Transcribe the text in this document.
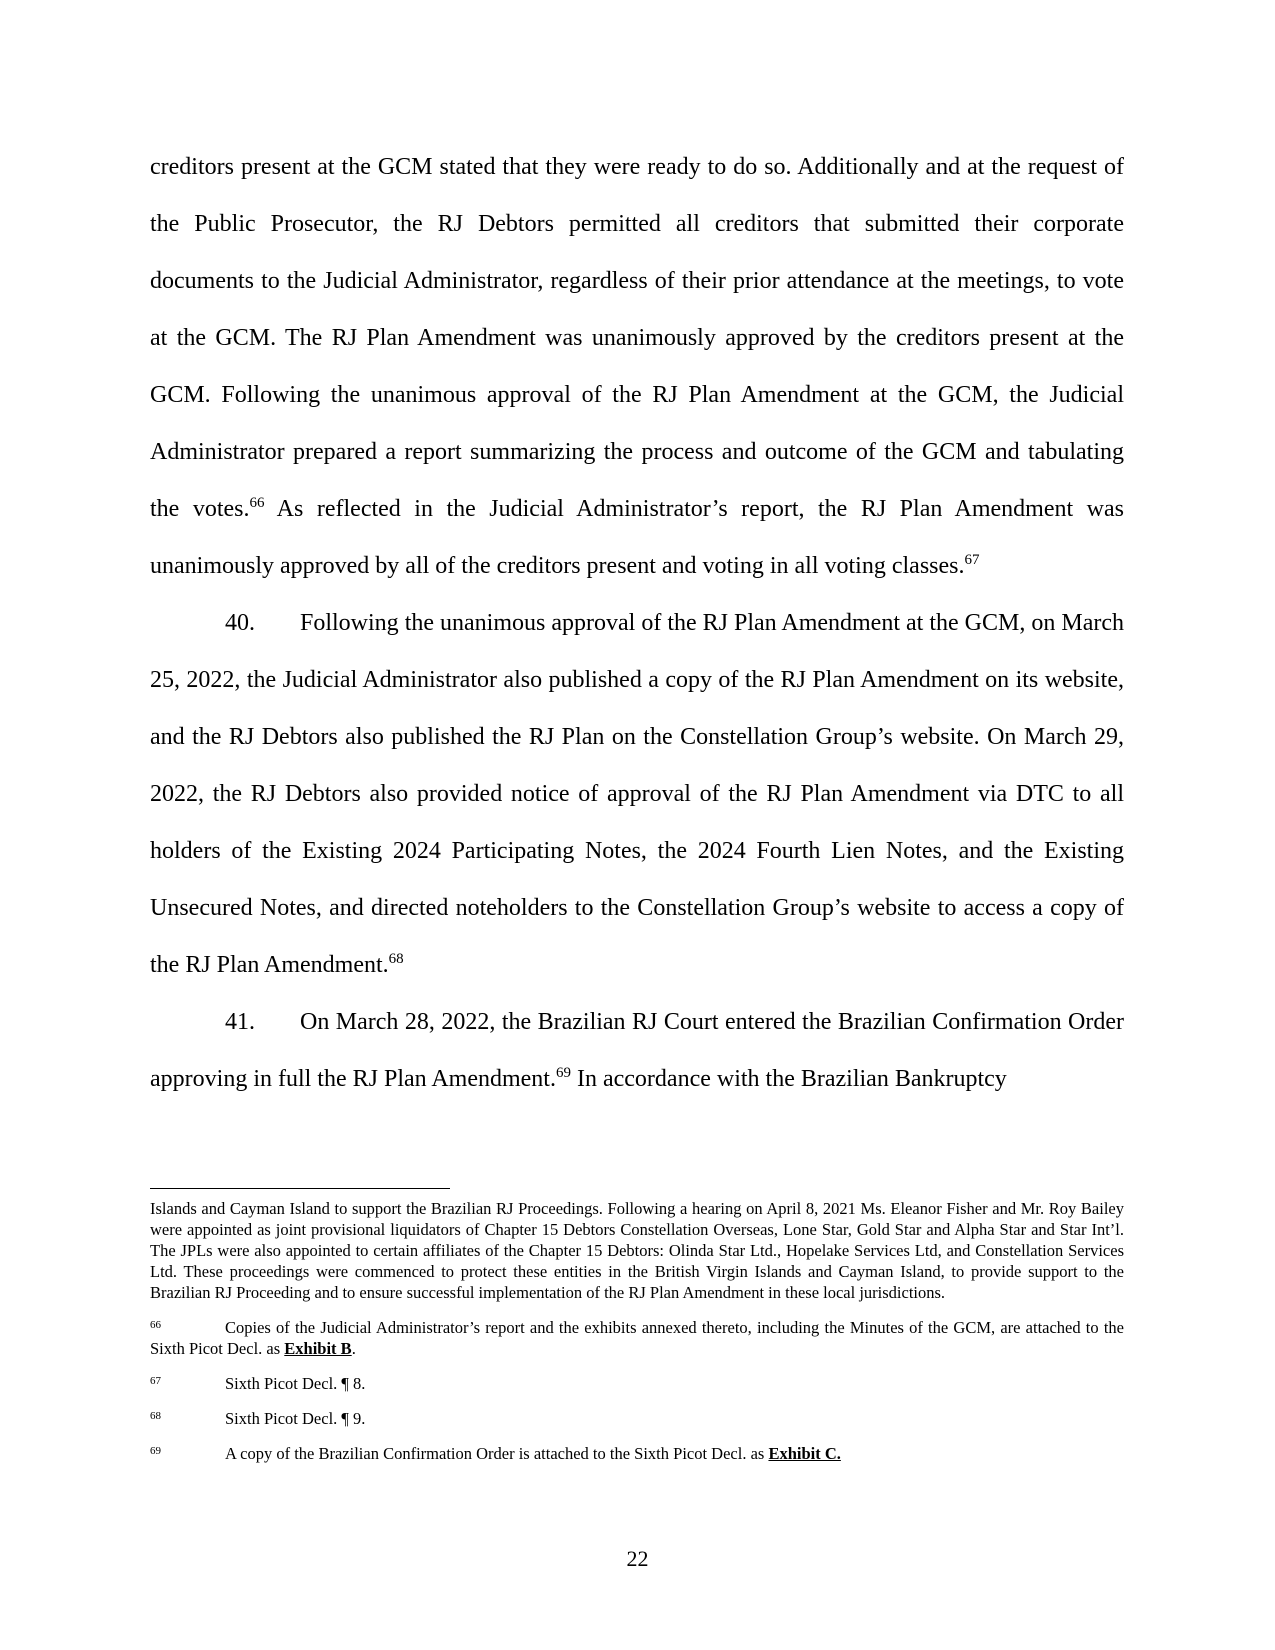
creditors present at the GCM stated that they were ready to do so. Additionally and at the request of the Public Prosecutor, the RJ Debtors permitted all creditors that submitted their corporate documents to the Judicial Administrator, regardless of their prior attendance at the meetings, to vote at the GCM. The RJ Plan Amendment was unanimously approved by the creditors present at the GCM. Following the unanimous approval of the RJ Plan Amendment at the GCM, the Judicial Administrator prepared a report summarizing the process and outcome of the GCM and tabulating the votes.$^{66}$ As reflected in the Judicial Administrator’s report, the RJ Plan Amendment was unanimously approved by all of the creditors present and voting in all voting classes.$^{67}$

40. Following the unanimous approval of the RJ Plan Amendment at the GCM, on March 25, 2022, the Judicial Administrator also published a copy of the RJ Plan Amendment on its website, and the RJ Debtors also published the RJ Plan on the Constellation Group’s website. On March 29, 2022, the RJ Debtors also provided notice of approval of the RJ Plan Amendment via DTC to all holders of the Existing 2024 Participating Notes, the 2024 Fourth Lien Notes, and the Existing Unsecured Notes, and directed noteholders to the Constellation Group’s website to access a copy of the RJ Plan Amendment.$^{68}$

41. On March 28, 2022, the Brazilian RJ Court entered the Brazilian Confirmation Order approving in full the RJ Plan Amendment.$^{69}$ In accordance with the Brazilian Bankruptcy

Islands and Cayman Island to support the Brazilian RJ Proceedings. Following a hearing on April 8, 2021 Ms. Eleanor Fisher and Mr. Roy Bailey were appointed as joint provisional liquidators of Chapter 15 Debtors Constellation Overseas, Lone Star, Gold Star and Alpha Star and Star Int’l. The JPLs were also appointed to certain affiliates of the Chapter 15 Debtors: Olinda Star Ltd., Hopelake Services Ltd, and Constellation Services Ltd. These proceedings were commenced to protect these entities in the British Virgin Islands and Cayman Island, to provide support to the Brazilian RJ Proceeding and to ensure successful implementation of the RJ Plan Amendment in these local jurisdictions.

66	Copies of the Judicial Administrator’s report and the exhibits annexed thereto, including the Minutes of the GCM, are attached to the Sixth Picot Decl. as Exhibit B.

67	Sixth Picot Decl. ¶ 8.

68	Sixth Picot Decl. ¶ 9.

69	A copy of the Brazilian Confirmation Order is attached to the Sixth Picot Decl. as Exhibit C.

22
